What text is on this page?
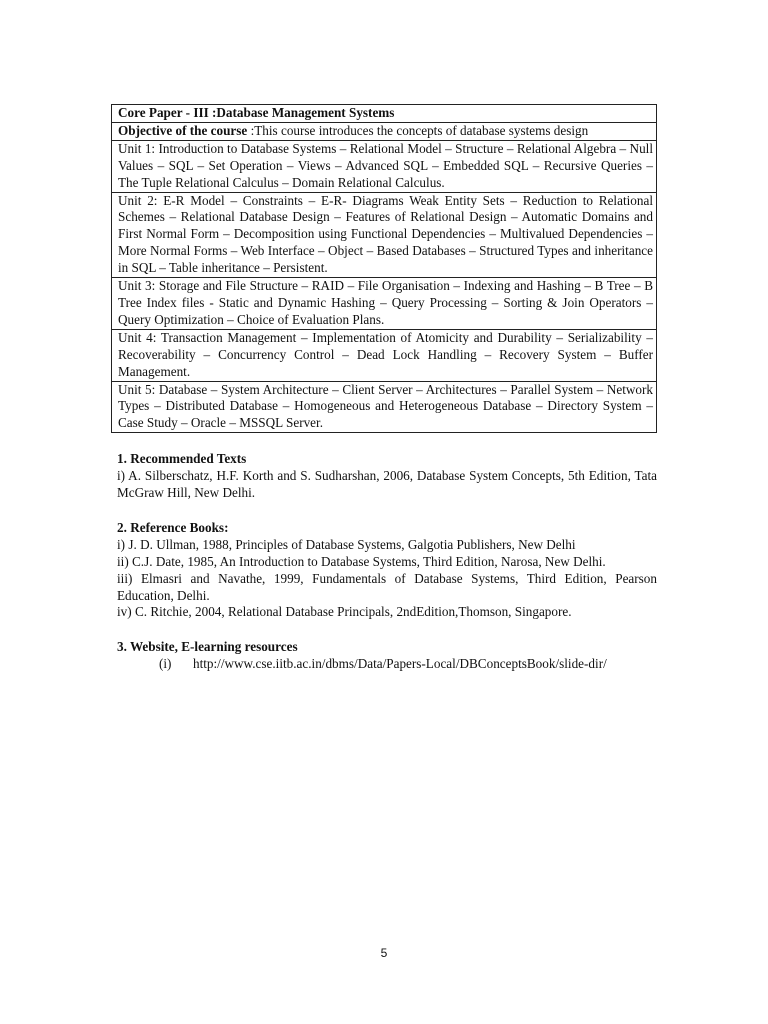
Core Paper - III :Database Management Systems
Objective of the course :This course introduces the concepts of database systems design
Unit 1: Introduction to Database Systems – Relational Model – Structure – Relational Algebra – Null Values – SQL – Set Operation – Views – Advanced SQL – Embedded SQL – Recursive Queries – The Tuple Relational Calculus – Domain Relational Calculus.
Unit 2: E-R Model – Constraints – E-R- Diagrams Weak Entity Sets – Reduction to Relational Schemes – Relational Database Design – Features of Relational Design – Automatic Domains and First Normal Form – Decomposition using Functional Dependencies – Multivalued Dependencies – More Normal Forms – Web Interface – Object – Based Databases – Structured Types and inheritance in SQL – Table inheritance – Persistent.
Unit 3: Storage and File Structure – RAID – File Organisation – Indexing and Hashing – B Tree – B Tree Index files - Static and Dynamic Hashing – Query Processing – Sorting & Join Operators – Query Optimization – Choice of Evaluation Plans.
Unit 4: Transaction Management – Implementation of Atomicity and Durability – Serializability – Recoverability – Concurrency Control – Dead Lock Handling – Recovery System – Buffer Management.
Unit 5: Database – System Architecture – Client Server – Architectures – Parallel System – Network Types – Distributed Database – Homogeneous and Heterogeneous Database – Directory System – Case Study – Oracle – MSSQL Server.
1. Recommended Texts

i) A. Silberschatz, H.F. Korth and S. Sudharshan, 2006, Database System Concepts, 5th Edition, Tata McGraw Hill, New Delhi.

2. Reference Books:

i) J. D. Ullman, 1988, Principles of Database Systems, Galgotia Publishers, New Delhi

ii) C.J. Date, 1985, An Introduction to Database Systems, Third Edition, Narosa, New Delhi.

iii) Elmasri and Navathe, 1999, Fundamentals of Database Systems, Third Edition, Pearson Education, Delhi.

iv) C. Ritchie, 2004, Relational Database Principals, 2ndEdition,Thomson, Singapore.

3. Website, E-learning resources

(i) http://www.cse.iitb.ac.in/dbms/Data/Papers-Local/DBConceptsBook/slide-dir/

5
